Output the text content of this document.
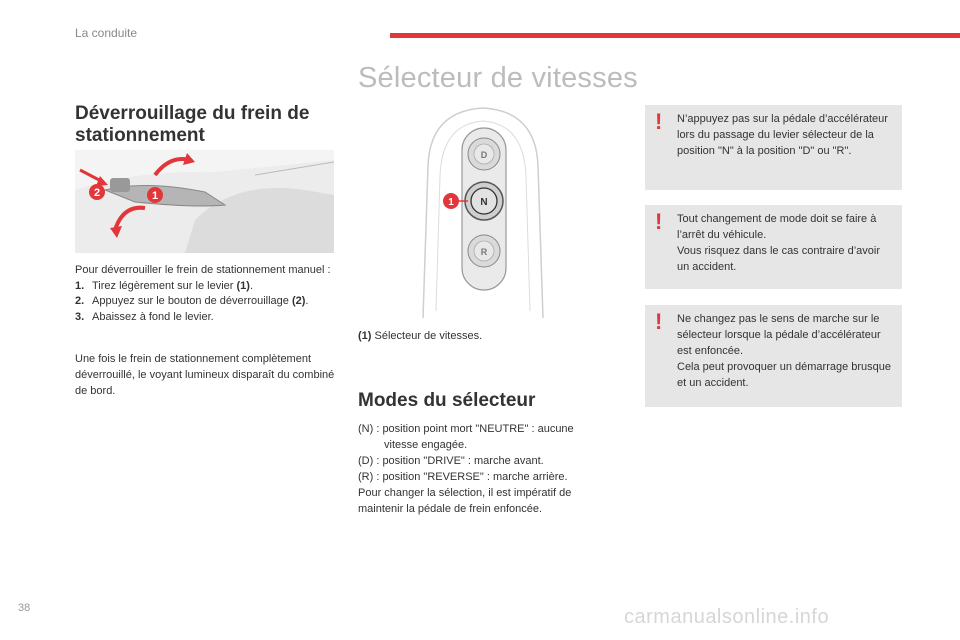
La conduite
Sélecteur de vitesses
Déverrouillage du frein de stationnement
2	1

Pour déverrouiller le frein de stationnement manuel :

1. Tirez légèrement sur le levier (1).

2. Appuyez sur le bouton de déverrouillage (2).

3. Abaissez à fond le levier.

Une fois le frein de stationnement complètement déverrouillé, le voyant lumineux disparaît du combiné de bord.

D
N
R
1
(1) Sélecteur de vitesses.
Modes du sélecteur

(N) : position point mort "NEUTRE" : aucune

vitesse engagée.

(D) : position "DRIVE" : marche avant.

(R) : position "REVERSE" : marche arrière.

Pour changer la sélection, il est impératif de

maintenir la pédale de frein enfoncée.

! N’appuyez pas sur la pédale d’accélérateur lors du passage du levier sélecteur de la position "N" à la position "D" ou "R".

! Tout changement de mode doit se faire à l’arrêt du véhicule.

Vous risquez dans le cas contraire d’avoir un accident.

! Ne changez pas le sens de marche sur le sélecteur lorsque la pédale d’accélérateur est enfoncée.

Cela peut provoquer un démarrage brusque et un accident.

38	carmanualsonline.info
